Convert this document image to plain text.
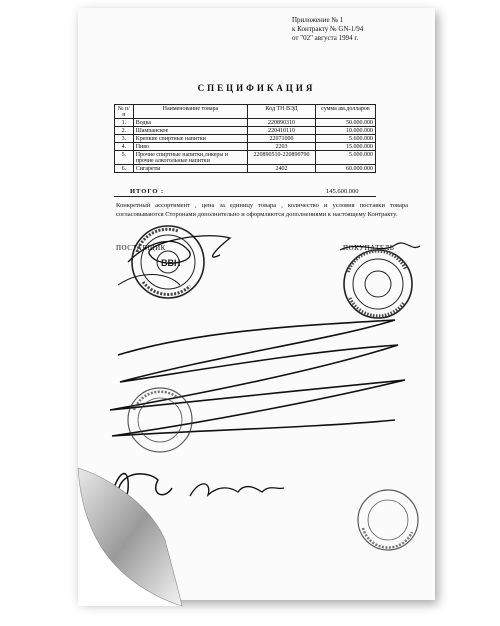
Приложение № 1
к Контракту № GN-1/94
от "02" августа 1994 г.
СПЕЦИФИКАЦИЯ
№ п/п	Наименование товара	Код ТН ВЭД	сумма ам.долларов
1.	Водка	220890310	50.000.000
2.	Шампанское	220410110	10.000.000
3.	Крепкие спиртные напитки	22071000	5.600.000
4.	Пиво	2203	15.000.000
5.	Прочие спиртные напитки,ликеры и прочие алкогольные напитки	220890510-220890790	5.000.000
6.	Сигареты	2402	60.000.000
ИТОГО :	145.600.000
Конкретный ассортимент , цена за единицу товара , количество и условия поставки товара согласовываются Сторонами дополнительно и оформляются дополнениями к настоящему Контракту.
ПОСТАВЩИК	ПОКУПАТЕЛЬ
BBH
